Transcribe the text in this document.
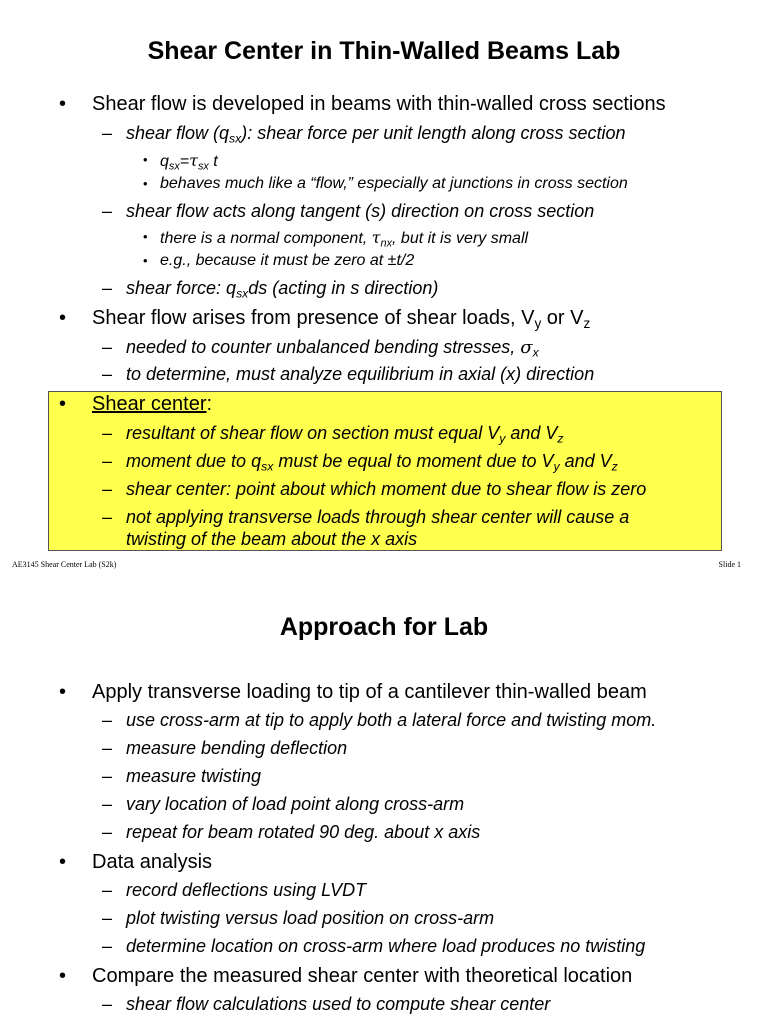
Shear Center in Thin-Walled Beams Lab
• Shear flow is developed in beams with thin-walled cross sections
– shear flow $(q_{sx})$: shear force per unit length along cross section
• $q_{sx}=\tau_{sx}$ t
• behaves much like a “flow,” especially at junctions in cross section
– shear flow acts along tangent (s) direction on cross section
• there is a normal component, $\tau_{nx}$, but it is very small
• e.g., because it must be zero at ±t/2
– shear force: $q_{sx}ds$ (acting in s direction)
• Shear flow arises from presence of shear loads, $V_y$ or $V_z$
– needed to counter unbalanced bending stresses, $\sigma_x$
– to determine, must analyze equilibrium in axial (x) direction
• Shear center:
– resultant of shear flow on section must equal $V_y$ and $V_z$
– moment due to $q_{sx}$ must be equal to moment due to $V_y$ and $V_z$
– shear center: point about which moment due to shear flow is zero
– not applying transverse loads through shear center will cause a
twisting of the beam about the x axis
AE3145 Shear Center Lab (S2k)	Slide 1
Approach for Lab
• Apply transverse loading to tip of a cantilever thin-walled beam
– use cross-arm at tip to apply both a lateral force and twisting mom.
– measure bending deflection
– measure twisting
– vary location of load point along cross-arm
– repeat for beam rotated 90 deg. about x axis
• Data analysis
– record deflections using LVDT
– plot twisting versus load position on cross-arm
– determine location on cross-arm where load produces no twisting
• Compare the measured shear center with theoretical location
– shear flow calculations used to compute shear center
